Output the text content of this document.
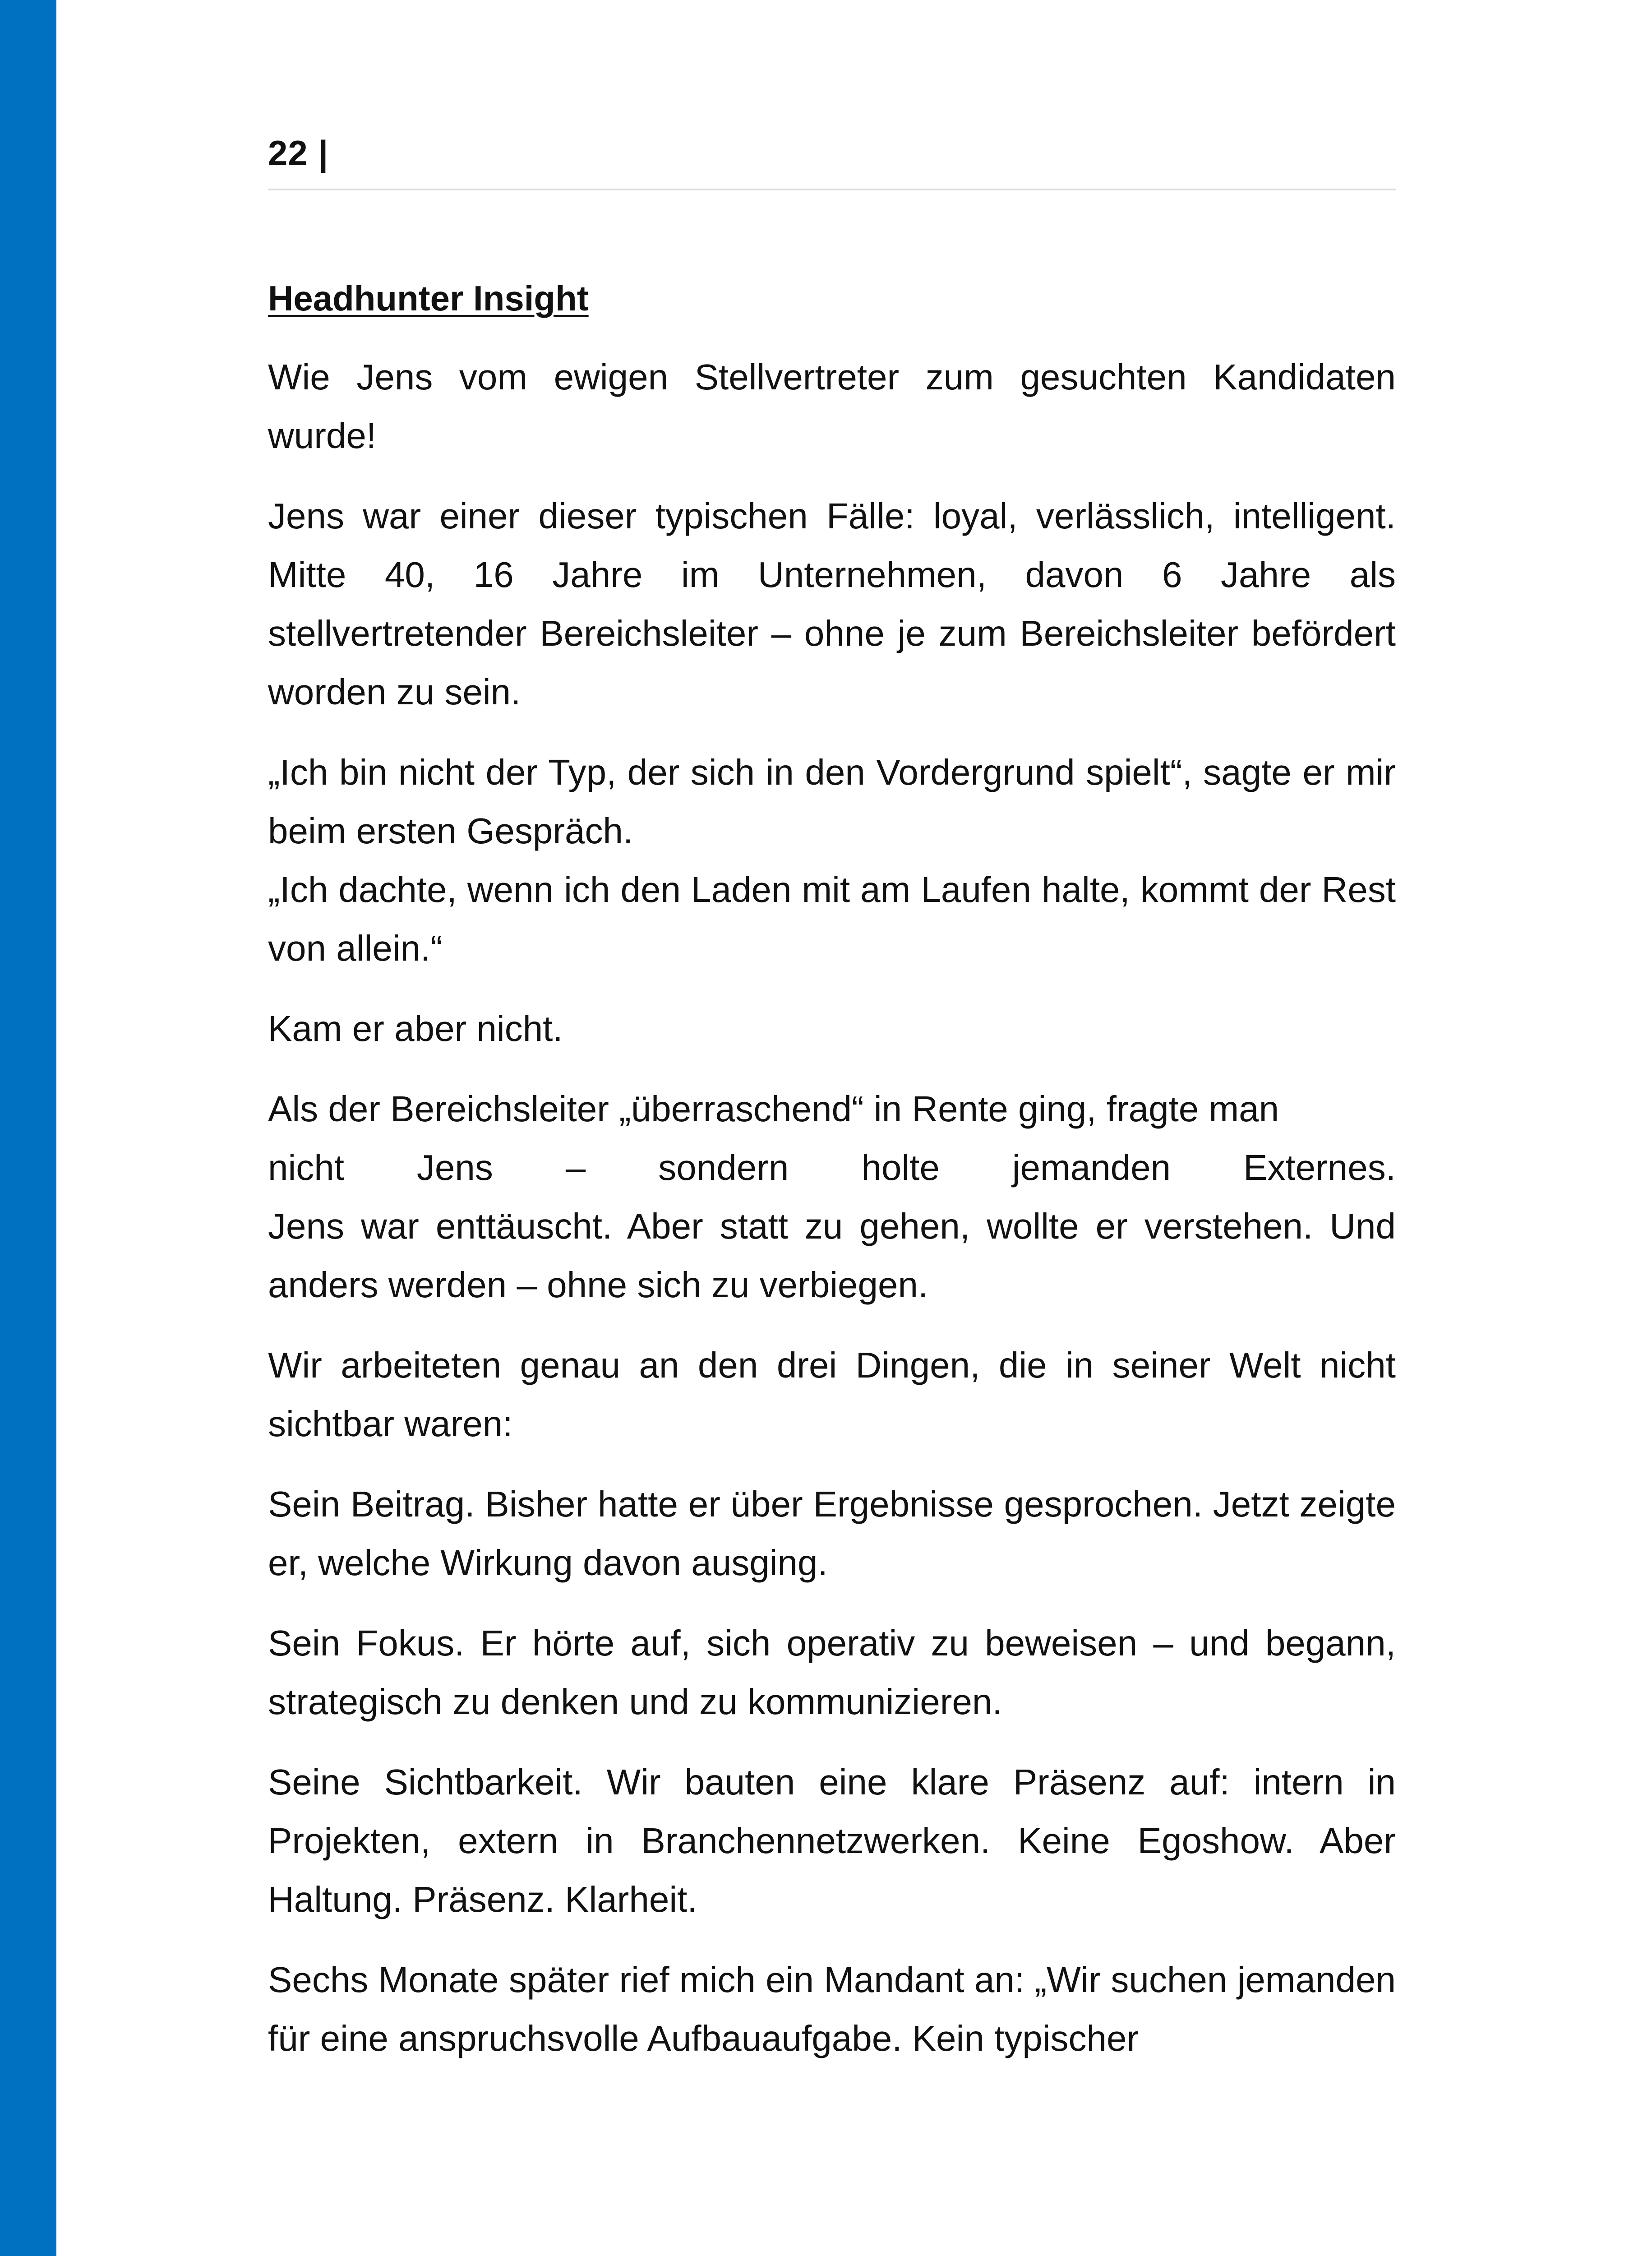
22 |
Headhunter Insight

Wie Jens vom ewigen Stellvertreter zum gesuchten Kandidaten wurde!

Jens war einer dieser typischen Fälle: loyal, verlässlich, intelligent. Mitte 40, 16 Jahre im Unternehmen, davon 6 Jahre als stellvertretender Bereichsleiter – ohne je zum Bereichsleiter befördert worden zu sein.

„Ich bin nicht der Typ, der sich in den Vordergrund spielt“, sagte er mir beim ersten Gespräch.

„Ich dachte, wenn ich den Laden mit am Laufen halte, kommt der Rest von allein.“

Kam er aber nicht.

Als der Bereichsleiter „überraschend“ in Rente ging, fragte man
nicht Jens – sondern holte jemanden Externes.
Jens war enttäuscht. Aber statt zu gehen, wollte er verstehen. Und anders werden – ohne sich zu verbiegen.

Wir arbeiteten genau an den drei Dingen, die in seiner Welt nicht sichtbar waren:

Sein Beitrag. Bisher hatte er über Ergebnisse gesprochen. Jetzt zeigte er, welche Wirkung davon ausging.

Sein Fokus. Er hörte auf, sich operativ zu beweisen – und begann, strategisch zu denken und zu kommunizieren.

Seine Sichtbarkeit. Wir bauten eine klare Präsenz auf: intern in Projekten, extern in Branchennetzwerken. Keine Egoshow. Aber Haltung. Präsenz. Klarheit.

Sechs Monate später rief mich ein Mandant an: „Wir suchen jemanden für eine anspruchsvolle Aufbauaufgabe. Kein typischer
